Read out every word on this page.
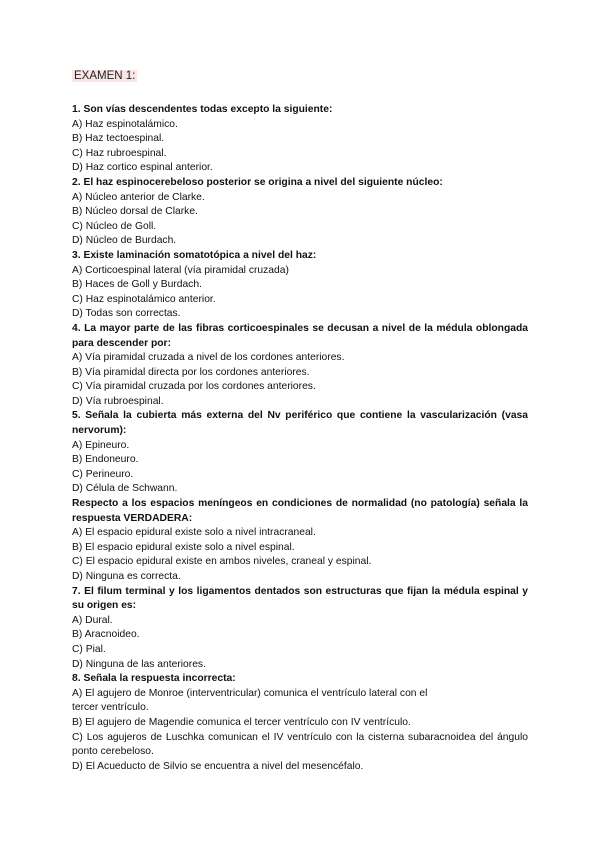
EXAMEN 1:
1. Son vías descendentes todas excepto la siguiente:
A) Haz espinotalámico.
B) Haz tectoespinal.
C) Haz rubroespinal.
D) Haz cortico espinal anterior.
2. El haz espinocerebeloso posterior se origina a nivel del siguiente núcleo:
A) Núcleo anterior de Clarke.
B) Núcleo dorsal de Clarke.
C) Núcleo de Goll.
D) Núcleo de Burdach.
3. Existe laminación somatotópica a nivel del haz:
A) Corticoespinal lateral (vía piramidal cruzada)
B) Haces de Goll y Burdach.
C) Haz espinotalámico anterior.
D) Todas son correctas.
4. La mayor parte de las fibras corticoespinales se decusan a nivel de la médula oblongada para descender por:
A) Vía piramidal cruzada a nivel de los cordones anteriores.
B) Vía piramidal directa por los cordones anteriores.
C) Vía piramidal cruzada por los cordones anteriores.
D) Vía rubroespinal.
5. Señala la cubierta más externa del Nv periférico que contiene la vascularización (vasa nervorum):
A) Epineuro.
B) Endoneuro.
C) Perineuro.
D) Célula de Schwann.
Respecto a los espacios meníngeos en condiciones de normalidad (no patología) señala la respuesta VERDADERA:
A) El espacio epidural existe solo a nivel intracraneal.
B) El espacio epidural existe solo a nivel espinal.
C) El espacio epidural existe en ambos niveles, craneal y espinal.
D) Ninguna es correcta.
7. El filum terminal y los ligamentos dentados son estructuras que fijan la médula espinal y su origen es:
A) Dural.
B) Aracnoideo.
C) Pial.
D) Ninguna de las anteriores.
8. Señala la respuesta incorrecta:
A) El agujero de Monroe (interventricular) comunica el ventrículo lateral con el
tercer ventrículo.
B) El agujero de Magendie comunica el tercer ventrículo con IV ventrículo.
C) Los agujeros de Luschka comunican el IV ventrículo con la cisterna subaracnoidea del ángulo ponto cerebeloso.
D) El Acueducto de Silvio se encuentra a nivel del mesencéfalo.
